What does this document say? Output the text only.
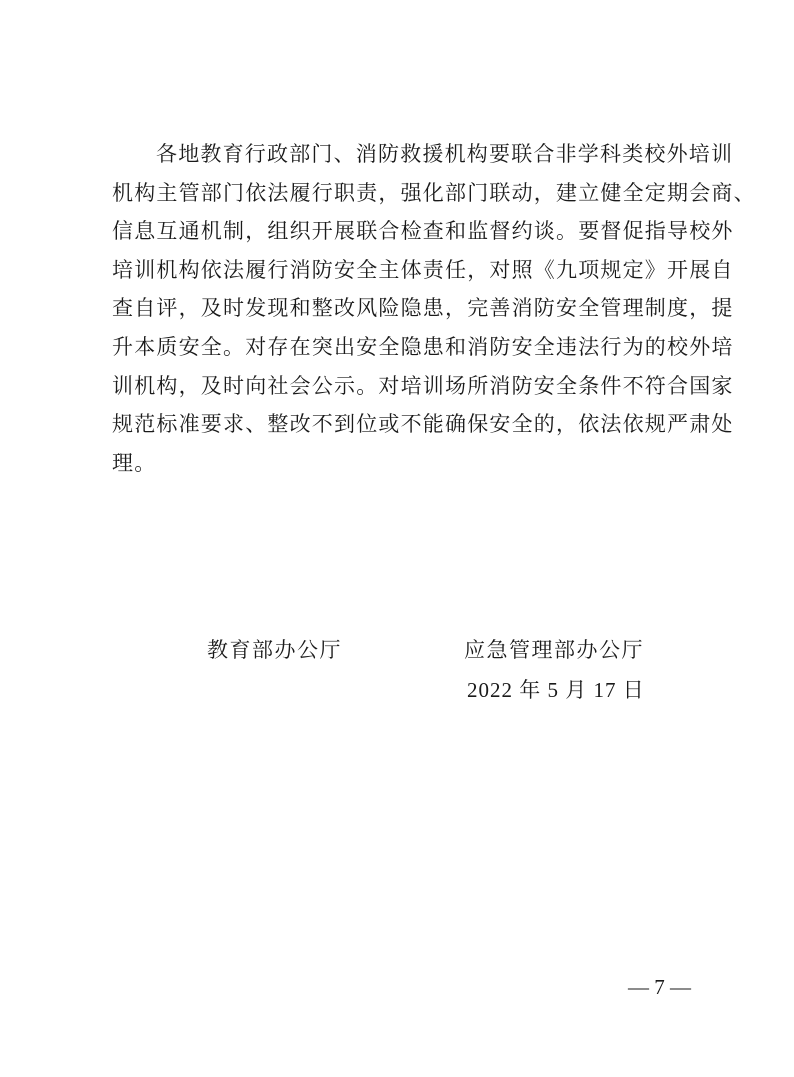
各地教育行政部门、消防救援机构要联合非学科类校外培训
机构主管部门依法履行职责，强化部门联动，建立健全定期会商、
信息互通机制，组织开展联合检查和监督约谈。要督促指导校外
培训机构依法履行消防安全主体责任，对照《九项规定》开展自
查自评，及时发现和整改风险隐患，完善消防安全管理制度，提
升本质安全。对存在突出安全隐患和消防安全违法行为的校外培
训机构，及时向社会公示。对培训场所消防安全条件不符合国家
规范标准要求、整改不到位或不能确保安全的，依法依规严肃处
理。
教育部办公厅	应急管理部办公厅
2022 年 5 月 17 日
— 7 —
